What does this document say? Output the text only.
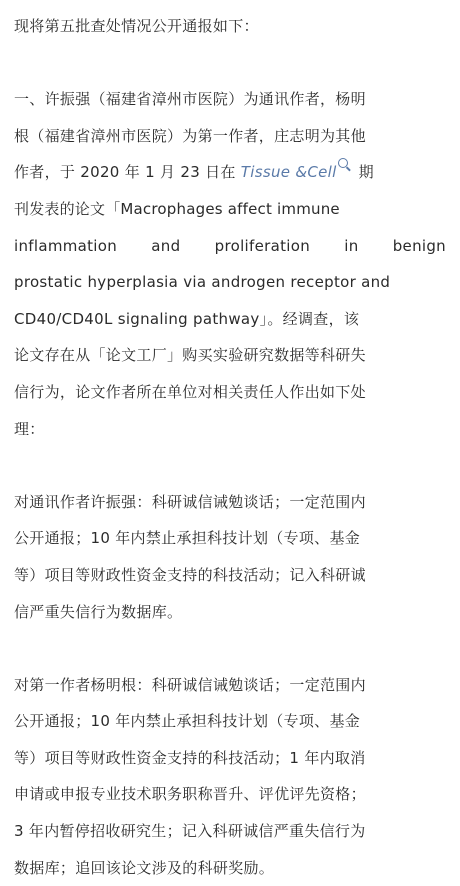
现将第五批查处情况公开通报如下：
一、许振强（福建省漳州市医院）为通讯作者，杨明
根（福建省漳州市医院）为第一作者，庄志明为其他
作者，于 2020 年 1 月 23 日在 Tissue &Cell 期
刊发表的论文「Macrophages affect immune
inflammation and proliferation in benign
prostatic hyperplasia via androgen receptor and
CD40/CD40L signaling pathway」。经调查，该
论文存在从「论文工厂」购买实验研究数据等科研失
信行为，论文作者所在单位对相关责任人作出如下处
理：
对通讯作者许振强：科研诚信诫勉谈话；一定范围内
公开通报；10 年内禁止承担科技计划（专项、基金
等）项目等财政性资金支持的科技活动；记入科研诚
信严重失信行为数据库。
对第一作者杨明根：科研诚信诫勉谈话；一定范围内
公开通报；10 年内禁止承担科技计划（专项、基金
等）项目等财政性资金支持的科技活动；1 年内取消
申请或申报专业技术职务职称晋升、评优评先资格；
3 年内暂停招收研究生；记入科研诚信严重失信行为
数据库；追回该论文涉及的科研奖励。
